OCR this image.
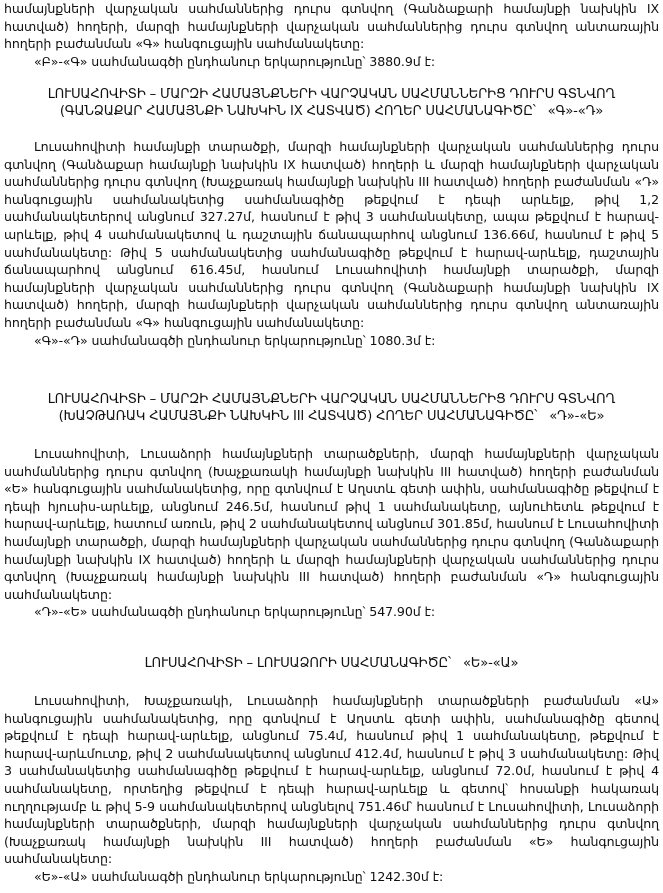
համայնքների վարչական սահմաններից դուրս գտնվող (Գանձաքարի համայնքի նախկին IX հատված) հողերի, մարզի համայնքների վարչական սահմաններից դուրս գտնվող անտառային հողերի բաժանման «Գ» հանգուցային սահմանակետը:

«Բ»-«Գ» սահմանագծի ընդհանուր երկարությունը՝ 3880.9մ է:

ԼՈՒՍԱՀՈՎԻՏԻ – ՄԱՐԶԻ ՀԱՄԱՅՆՔՆԵՐԻ ՎԱՐՉԱԿԱՆ ՍԱՀՄԱՆՆԵՐԻՑ ԴՈՒՐՍ ԳՏՆՎՈՂ
(ԳԱՆՁԱՔԱՐ ՀԱՄԱՅՆՔԻ ՆԱԽԿԻՆ IX ՀԱՏՎԱԾ) ՀՈՂԵՐ ՍԱՀՄԱՆԱԳԻԾԸ՝ «Գ»-«Դ»

Լուսահովիտի համայնքի տարածքի, մարզի համայնքների վարչական սահմաններից դուրս գտնվող (Գանձաքար համայնքի նախկին IX հատված) հողերի և մարզի համայնքների վարչական սահմաններից դուրս գտնվող (Խաչքառակ համայնքի նախկին III հատված) հողերի բաժանման «Դ» հանգուցային սահմանակետից սահմանագիծը թեքվում է դեպի արևելք, թիվ 1,2 սահմանակետերով անցնում 327.27մ, հասնում է թիվ 3 սահմանակետը, ապա թեքվում է հարավ-արևելք, թիվ 4 սահմանակետով և դաշտային ճանապարհով անցնում 136.66մ, հասնում է թիվ 5 սահմանակետը: Թիվ 5 սահմանակետից սահմանագիծը թեքվում է հարավ-արևելք, դաշտային ճանապարհով անցնում 616.45մ, հասնում Լուսահովիտի համայնքի տարածքի, մարզի համայնքների վարչական սահմաններից դուրս գտնվող (Գանձաքարի համայնքի նախկին IX հատված) հողերի, մարզի համայնքների վարչական սահմաններից դուրս գտնվող անտառային հողերի բաժանման «Գ» հանգուցային սահմանակետը:

«Գ»-«Դ» սահմանագծի ընդհանուր երկարությունը՝ 1080.3մ է:

ԼՈՒՍԱՀՈՎԻՏԻ – ՄԱՐԶԻ ՀԱՄԱՅՆՔՆԵՐԻ ՎԱՐՉԱԿԱՆ ՍԱՀՄԱՆՆԵՐԻՑ ԴՈՒՐՍ ԳՏՆՎՈՂ
(ԽԱՉԹԱՌԱԿ ՀԱՄԱՅՆՔԻ ՆԱԽԿԻՆ III ՀԱՏՎԱԾ) ՀՈՂԵՐ ՍԱՀՄԱՆԱԳԻԾԸ՝ «Դ»-«Ե»

Լուսահովիտի, Լուսաձորի համայնքների տարածքների, մարզի համայնքների վարչական սահմաններից դուրս գտնվող (Խաչքառակի համայնքի նախկին III հատված) հողերի բաժանման «Ե» հանգուցային սահմանակետից, որը գտնվում է Աղստև գետի ափին, սահմանագիծը թեքվում է դեպի հյուսիս-արևելք, անցնում 246.5մ, հասնում թիվ 1 սահմանակետը, այնուհետև թեքվում է հարավ-արևելք, հատում առուն, թիվ 2 սահմանակետով անցնում 301.85մ, հասնում է Լուսահովիտի համայնքի տարածքի, մարզի համայնքների վարչական սահմաններից դուրս գտնվող (Գանձաքարի համայնքի նախկին IX հատված) հողերի և մարզի համայնքների վարչական սահմաններից դուրս գտնվող (Խաչքառակ համայնքի նախկին III հատված) հողերի բաժանման «Դ» հանգուցային սահմանակետը:

«Դ»-«Ե» սահմանագծի ընդհանուր երկարությունը՝ 547.90մ է:

ԼՈՒՍԱՀՈՎԻՏԻ – ԼՈՒՍԱՁՈՐԻ ՍԱՀՄԱՆԱԳԻԾԸ՝ «Ե»-«Ա»

Լուսահովիտի, Խաչքառակի, Լուսաձորի համայնքների տարածքների բաժանման «Ա» հանգուցային սահմանակետից, որը գտնվում է Աղստև գետի ափին, սահմանագիծը գետով թեքվում է դեպի հարավ-արևելք, անցնում 75.4մ, հասնում թիվ 1 սահմանակետը, թեքվում է հարավ-արևմուտք, թիվ 2 սահմանակետով անցնում 412.4մ, հասնում է թիվ 3 սահմանակետը: Թիվ 3 սահմանակետից սահմանագիծը թեքվում է հարավ-արևելք, անցնում 72.0մ, հասնում է թիվ 4 սահմանակետը, որտեղից թեքվում է դեպի հարավ-արևելք և գետով՝ հոսանքի հակառակ ուղղությամբ և թիվ 5-9 սահմանակետերով անցնելով 751.46մ՝ հասնում է Լուսահովիտի, Լուսաձորի համայնքների տարածքների, մարզի համայնքների վարչական սահմաններից դուրս գտնվող (Խաչքառակ համայնքի նախկին III հատված) հողերի բաժանման «Ե» հանգուցային սահմանակետը:

«Ե»-«Ա» սահմանագծի ընդհանուր երկարությունը՝ 1242.30մ է:
